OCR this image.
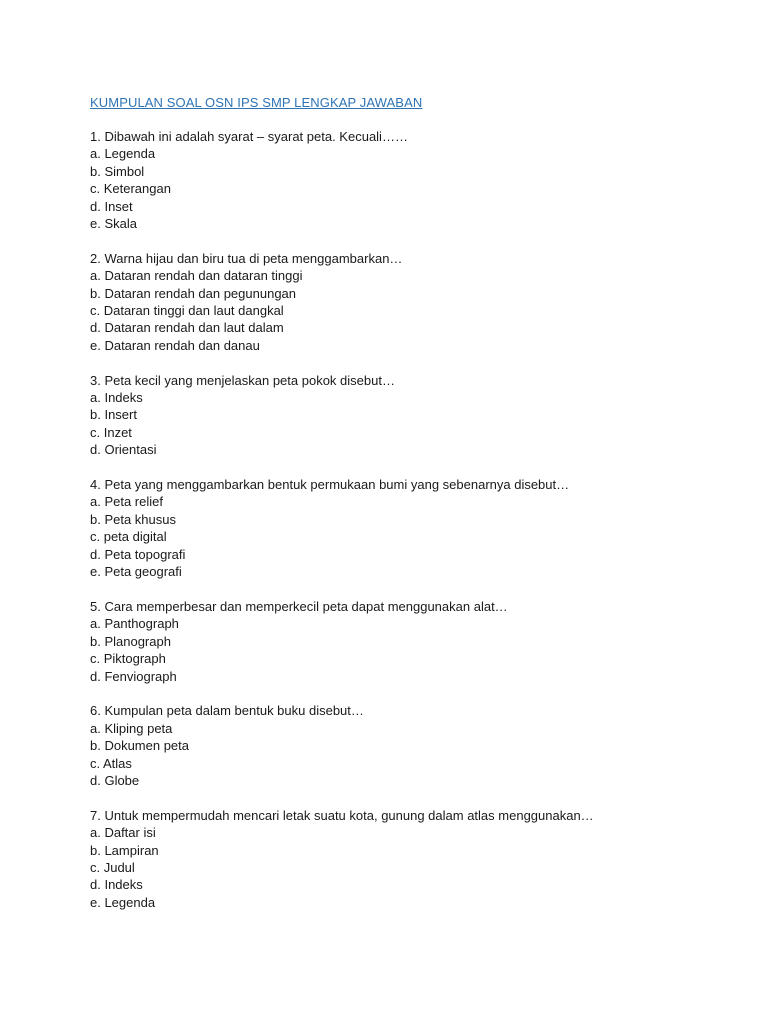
KUMPULAN SOAL OSN IPS SMP LENGKAP JAWABAN
1. Dibawah ini adalah syarat – syarat peta. Kecuali……
a. Legenda
b. Simbol
c. Keterangan
d. Inset
e. Skala
2. Warna hijau dan biru tua di peta menggambarkan…
a. Dataran rendah dan dataran tinggi
b. Dataran rendah dan pegunungan
c. Dataran tinggi dan laut dangkal
d. Dataran rendah dan laut dalam
e. Dataran rendah dan danau
3. Peta kecil yang menjelaskan peta pokok disebut…
a. Indeks
b. Insert
c. Inzet
d. Orientasi
4. Peta yang menggambarkan bentuk permukaan bumi yang sebenarnya disebut…
a. Peta relief
b. Peta khusus
c. peta digital
d. Peta topografi
e. Peta geografi
5. Cara memperbesar dan memperkecil peta dapat menggunakan alat…
a. Panthograph
b. Planograph
c. Piktograph
d. Fenviograph
6. Kumpulan peta dalam bentuk buku disebut…
a. Kliping peta
b. Dokumen peta
c. Atlas
d. Globe
7. Untuk mempermudah mencari letak suatu kota, gunung dalam atlas menggunakan…
a. Daftar isi
b. Lampiran
c. Judul
d. Indeks
e. Legenda
